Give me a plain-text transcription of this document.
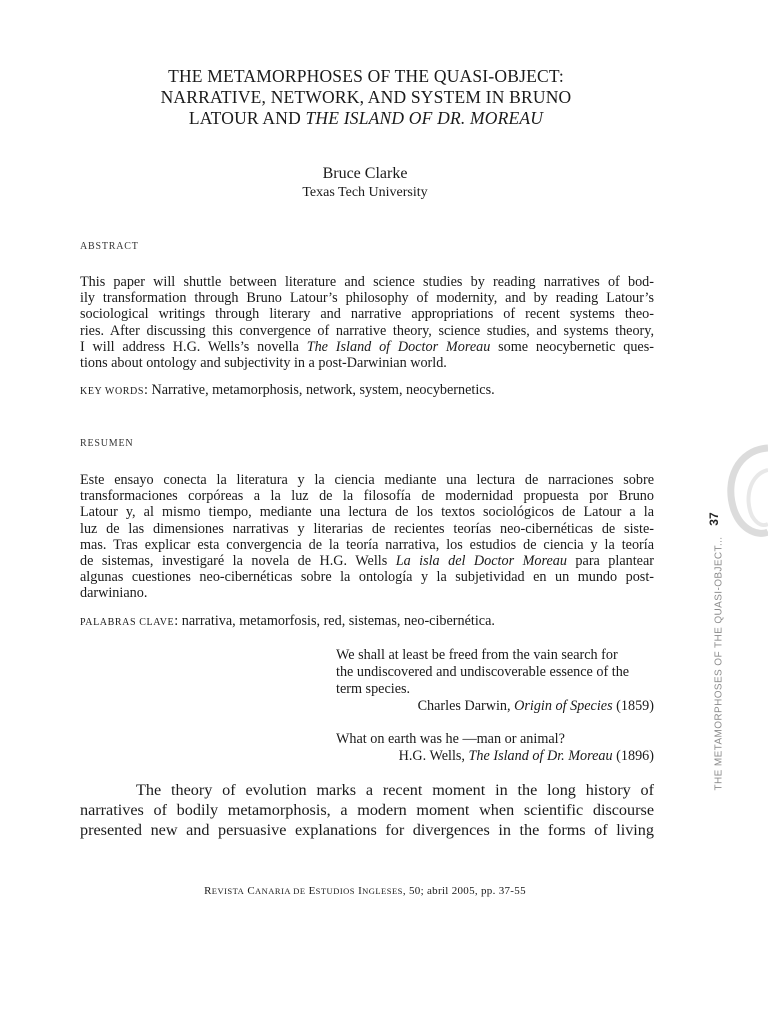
THE METAMORPHOSES OF THE QUASI-OBJECT:
NARRATIVE, NETWORK, AND SYSTEM IN BRUNO
LATOUR AND THE ISLAND OF DR. MOREAU
Bruce Clarke
Texas Tech University
ABSTRACT
This paper will shuttle between literature and science studies by reading narratives of bod-
ily transformation through Bruno Latour’s philosophy of modernity, and by reading Latour’s
sociological writings through literary and narrative appropriations of recent systems theo-
ries. After discussing this convergence of narrative theory, science studies, and systems theory,
I will address H.G. Wells’s novella The Island of Doctor Moreau some neocybernetic ques-
tions about ontology and subjectivity in a post-Darwinian world.
KEY WORDS: Narrative, metamorphosis, network, system, neocybernetics.
RESUMEN
Este ensayo conecta la literatura y la ciencia mediante una lectura de narraciones sobre
transformaciones corpóreas a la luz de la filosofía de modernidad propuesta por Bruno
Latour y, al mismo tiempo, mediante una lectura de los textos sociológicos de Latour a la
luz de las dimensiones narrativas y literarias de recientes teorías neo-cibernéticas de siste-
mas. Tras explicar esta convergencia de la teoría narrativa, los estudios de ciencia y la teoría
de sistemas, investigaré la novela de H.G. Wells La isla del Doctor Moreau para plantear
algunas cuestiones neo-cibernéticas sobre la ontología y la subjetividad en un mundo post-
darwiniano.
PALABRAS CLAVE: narrativa, metamorfosis, red, sistemas, neo-cibernética.
We shall at least be freed from the vain search for
the undiscovered and undiscoverable essence of the
term species.
Charles Darwin, Origin of Species (1859)
What on earth was he —man or animal?
H.G. Wells, The Island of Dr. Moreau (1896)
The theory of evolution marks a recent moment in the long history of
narratives of bodily metamorphosis, a modern moment when scientific discourse
presented new and persuasive explanations for divergences in the forms of living
REVISTA CANARIA DE ESTUDIOS INGLESES, 50; abril 2005, pp. 37-55
37
THE METAMORPHOSES OF THE QUASI-OBJECT...
